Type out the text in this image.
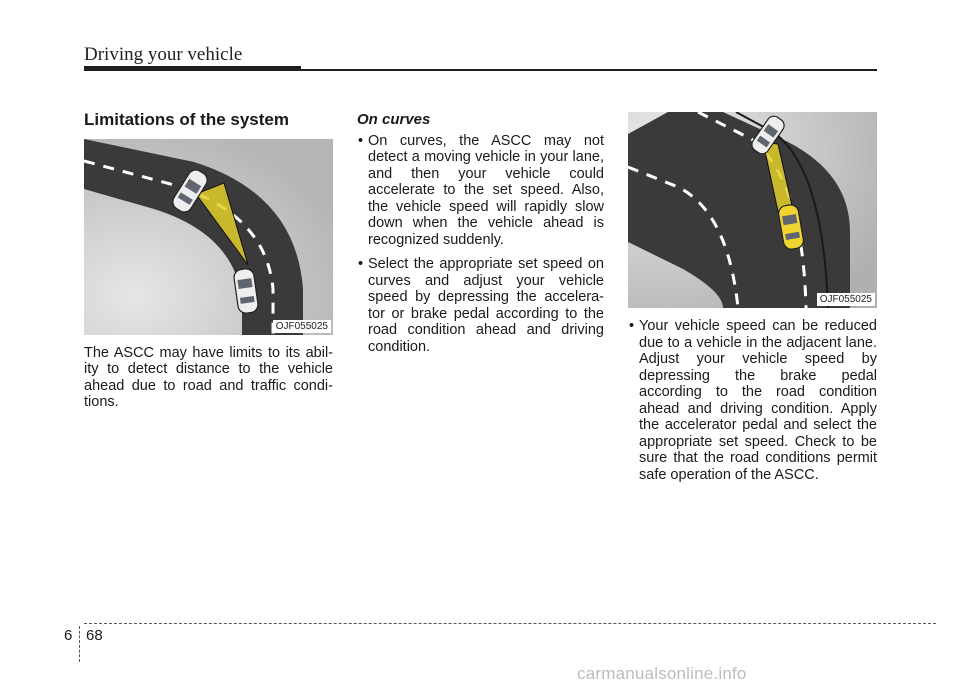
Driving your vehicle
Limitations of the system
OJF055025
The ASCC may have limits to its abil-ity to detect distance to the vehicle ahead due to road and traffic condi-tions.
On curves
• On curves, the ASCC may not detect a moving vehicle in your lane, and then your vehicle could accelerate to the set speed. Also, the vehicle speed will rapidly slow down when the vehicle ahead is recognized suddenly.
• Select the appropriate set speed on curves and adjust your vehicle speed by depressing the accelera-tor or brake pedal according to the road condition ahead and driving condition.
OJF055025
• Your vehicle speed can be reduced due to a vehicle in the adjacent lane. Adjust your vehicle speed by depressing the brake pedal according to the road condition ahead and driving condition. Apply the accelerator pedal and select the appropriate set speed. Check to be sure that the road conditions permit safe operation of the ASCC.
6 68
carmanualsonline.info
